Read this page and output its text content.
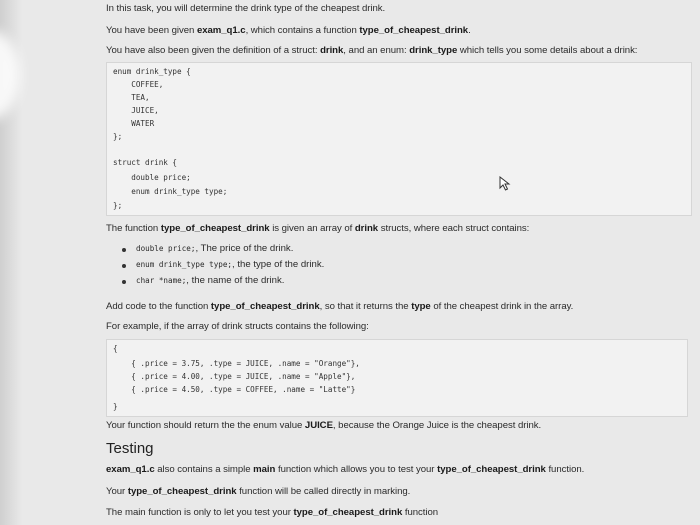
In this task, you will determine the drink type of the cheapest drink.
You have been given exam_q1.c, which contains a function type_of_cheapest_drink.
You have also been given the definition of a struct: drink, and an enum: drink_type which tells you some details about a drink:
enum drink_type {
COFFEE,
TEA,
JUICE,
WATER
};
struct drink {
double price;
enum drink_type type;
};
The function type_of_cheapest_drink is given an array of drink structs, where each struct contains:
double price;, The price of the drink.
enum drink_type type;, the type of the drink.
char *name;, the name of the drink.
Add code to the function type_of_cheapest_drink, so that it returns the type of the cheapest drink in the array.
For example, if the array of drink structs contains the following:
{
{ .price = 3.75, .type = JUICE, .name = "Orange"},
{ .price = 4.00, .type = JUICE, .name = "Apple"},
{ .price = 4.50, .type = COFFEE, .name = "Latte"}
}
Your function should return the the enum value JUICE, because the Orange Juice is the cheapest drink.
Testing
exam_q1.c also contains a simple main function which allows you to test your type_of_cheapest_drink function.
Your type_of_cheapest_drink function will be called directly in marking.
The main function is only to let you test your type_of_cheapest_drink function
